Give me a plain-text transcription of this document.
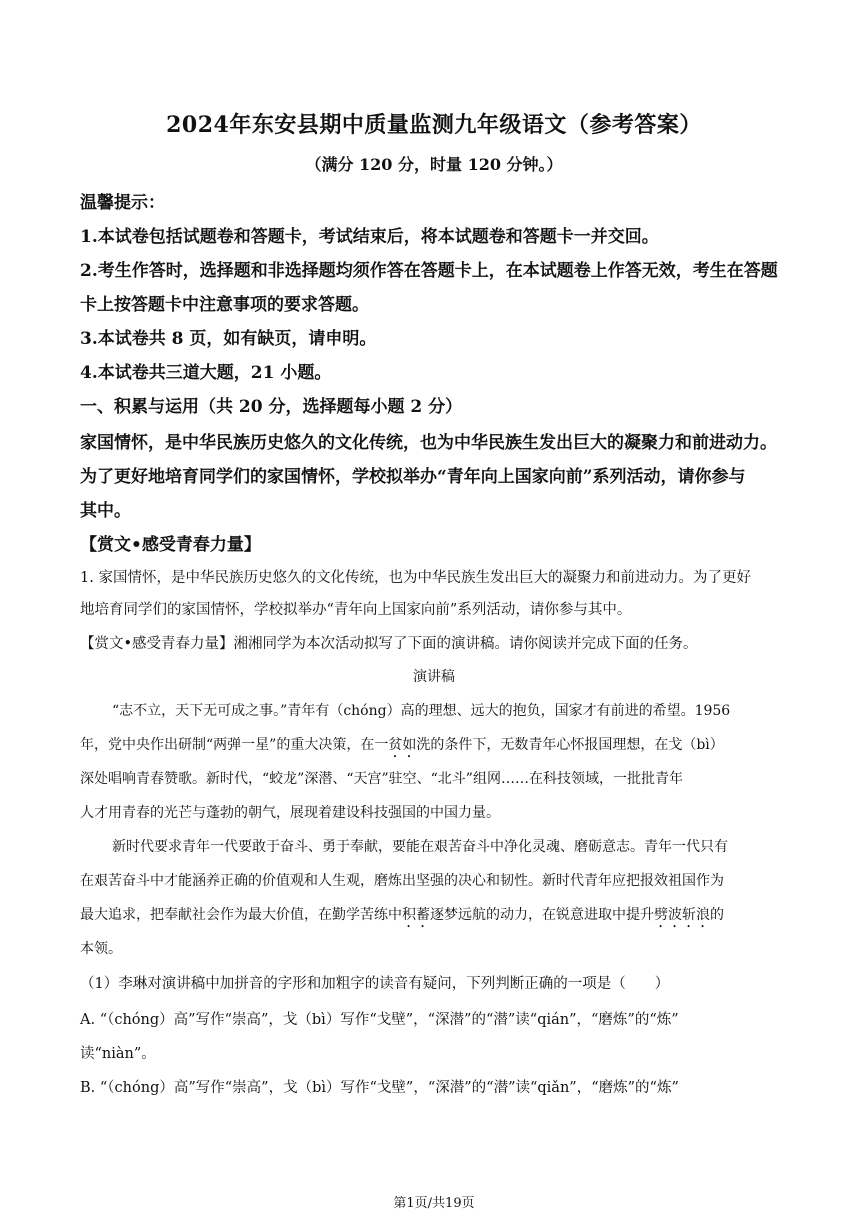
2024年东安县期中质量监测九年级语文（参考答案）
（满分 120 分，时量 120 分钟。）
温馨提示：
1.本试卷包括试题卷和答题卡，考试结束后，将本试题卷和答题卡一并交回。
2.考生作答时，选择题和非选择题均须作答在答题卡上，在本试题卷上作答无效，考生在答题
卡上按答题卡中注意事项的要求答题。
3.本试卷共 8 页，如有缺页，请申明。
4.本试卷共三道大题，21 小题。
一、积累与运用（共 20 分，选择题每小题 2 分）
家国情怀，是中华民族历史悠久的文化传统，也为中华民族生发出巨大的凝聚力和前进动力。
为了更好地培育同学们的家国情怀，学校拟举办“青年向上国家向前”系列活动，请你参与
其中。
【赏文•感受青春力量】
1. 家国情怀，是中华民族历史悠久的文化传统，也为中华民族生发出巨大的凝聚力和前进动力。为了更好
地培育同学们的家国情怀，学校拟举办“青年向上国家向前”系列活动，请你参与其中。
【赏文•感受青春力量】湘湘同学为本次活动拟写了下面的演讲稿。请你阅读并完成下面的任务。
演讲稿
“志不立，天下无可成之事。”青年有（chóng）高的理想、远大的抱负，国家才有前进的希望。1956
年，党中央作出研制“两弹一星”的重大决策，在一贫如洗的条件下，无数青年心怀报国理想，在戈（bì）
深处唱响青春赞歌。新时代，“蛟龙”深潜、“天宫”驻空、“北斗”组网……在科技领域，一批批青年
人才用青春的光芒与蓬勃的朝气，展现着建设科技强国的中国力量。
新时代要求青年一代要敢于奋斗、勇于奉献，要能在艰苦奋斗中净化灵魂、磨砺意志。青年一代只有
在艰苦奋斗中才能涵养正确的价值观和人生观，磨炼出坚强的决心和韧性。新时代青年应把报效祖国作为
最大追求，把奉献社会作为最大价值，在勤学苦练中积蓄逐梦远航的动力，在锐意进取中提升劈波斩浪的
本领。
（1）李琳对演讲稿中加拼音的字形和加粗字的读音有疑问，下列判断正确的一项是（　　）
A. “（chóng）高”写作“崇高”，戈（bì）写作“戈壁”，“深潜”的“潜”读“qián”，“磨炼”的“炼”
读“niàn”。
B. “（chóng）高”写作“崇高”，戈（bì）写作“戈壁”，“深潜”的“潜”读“qiǎn”，“磨炼”的“炼”
第1页/共19页
